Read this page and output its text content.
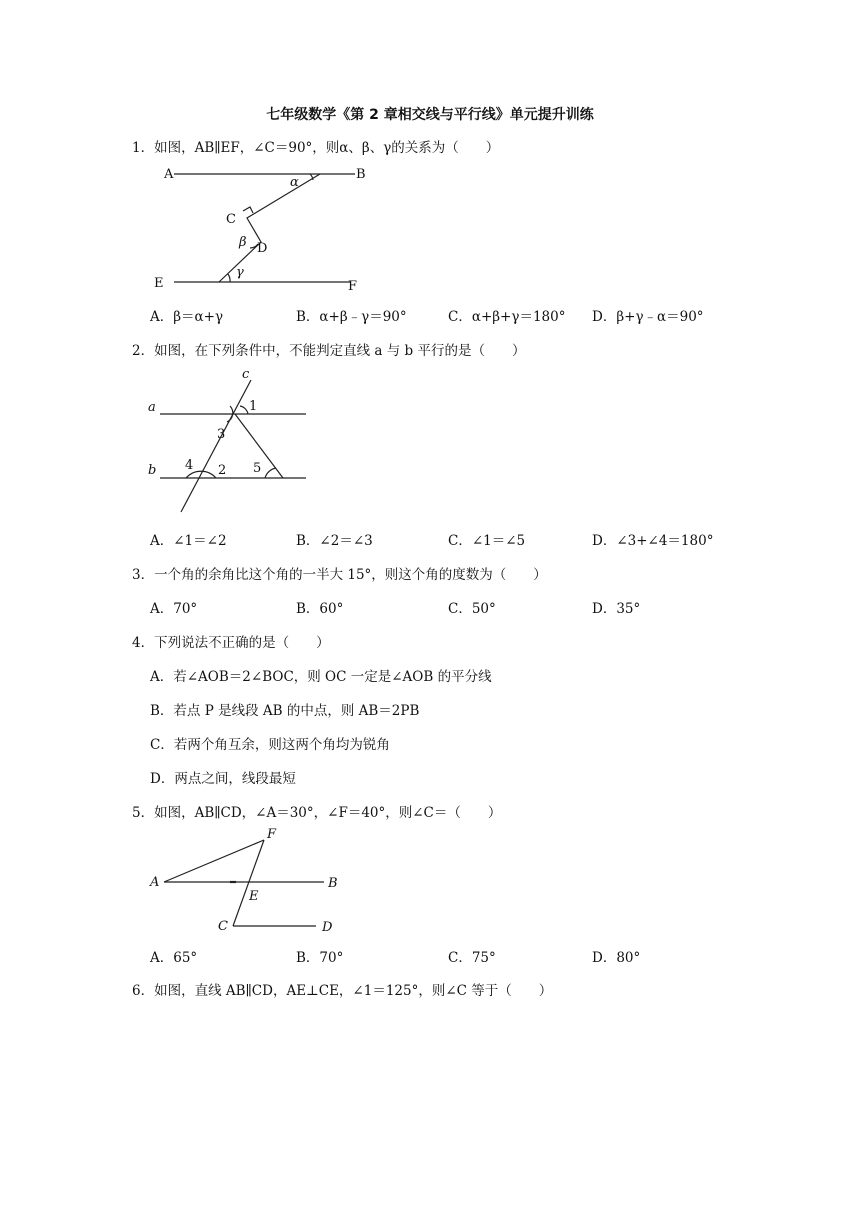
七年级数学《第 2 章相交线与平行线》单元提升训练
1．如图，AB∥EF，∠C＝90°，则α、β、γ的关系为（　　）
A	B
α
C
β D
γ
E	F
A．β＝α+γ	B．α+β﹣γ＝90°	C．α+β+γ＝180° D．β+γ﹣α＝90°
2．如图，在下列条件中，不能判定直线 a 与 b 平行的是（　　）
a
b
c
1
3
4 2 5
A．∠1＝∠2	B．∠2＝∠3	C．∠1＝∠5	D．∠3+∠4＝180°
3．一个角的余角比这个角的一半大 15°，则这个角的度数为（　　）
A．70°	B．60°	C．50°	D．35°
4．下列说法不正确的是（　　）
A．若∠AOB＝2∠BOC，则 OC 一定是∠AOB 的平分线
B．若点 P 是线段 AB 的中点，则 AB＝2PB
C．若两个角互余，则这两个角均为锐角
D．两点之间，线段最短
5．如图，AB∥CD，∠A＝30°，∠F＝40°，则∠C＝（　　）
A	B
C	D
E
F
A．65°	B．70°	C．75°	D．80°
6．如图，直线 AB∥CD，AE⊥CE，∠1＝125°，则∠C 等于（　　）
